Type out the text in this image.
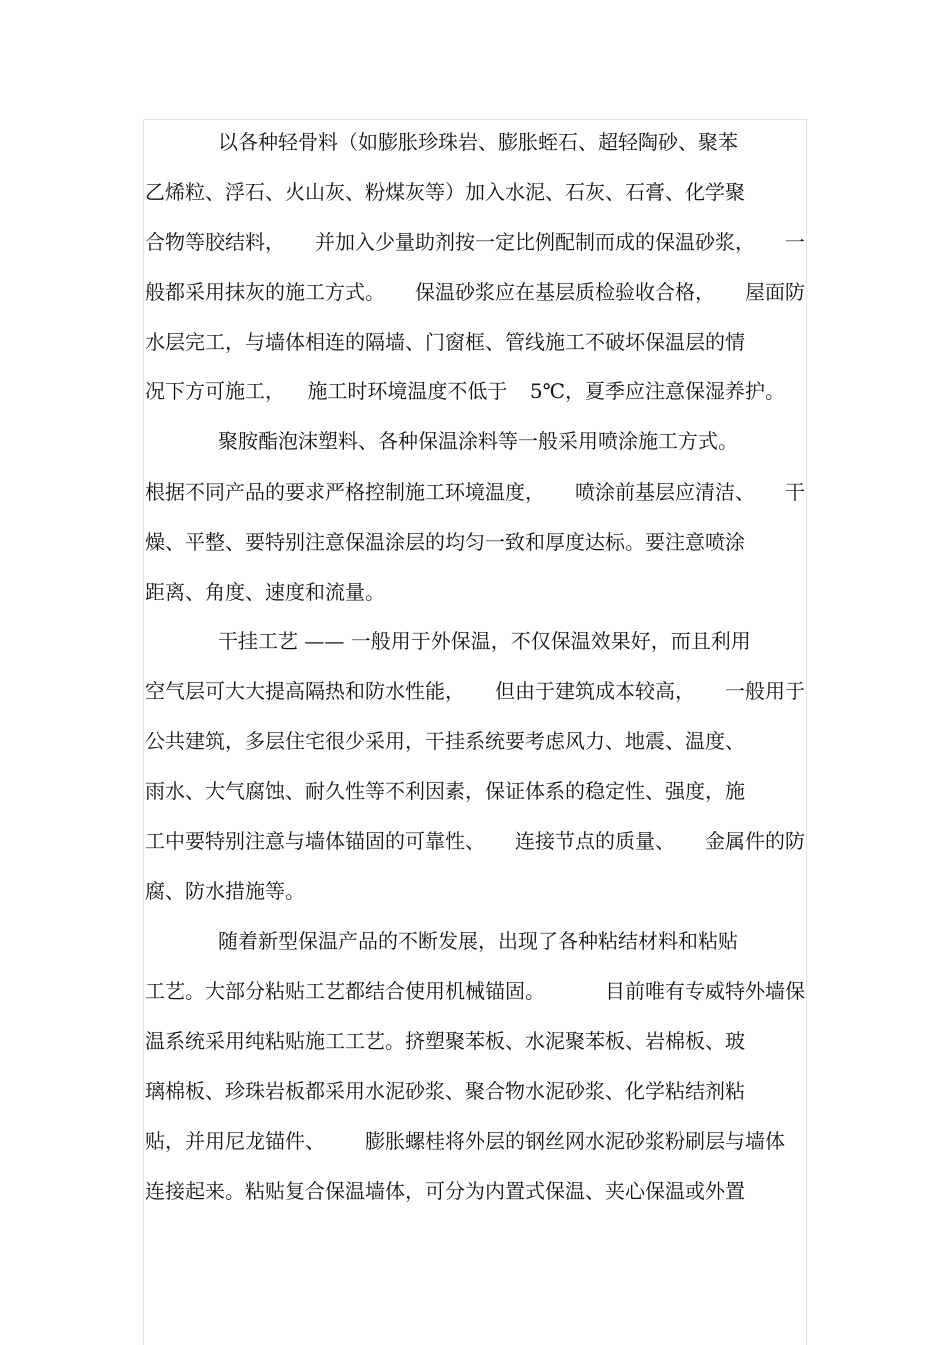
以各种轻骨料（如膨胀珍珠岩、膨胀蛭石、超轻陶砂、聚苯
乙烯粒、浮石、火山灰、粉煤灰等）加入水泥、石灰、石膏、化学聚
合物等胶结料， 并加入少量助剂按一定比例配制而成的保温砂浆， 一
般都采用抹灰的施工方式。 保温砂浆应在基层质检验收合格， 屋面防
水层完工，与墙体相连的隔墙、门窗框、管线施工不破坏保温层的情
况下方可施工， 施工时环境温度不低于 5℃，夏季应注意保湿养护。
聚胺酯泡沫塑料、各种保温涂料等一般采用喷涂施工方式。
根据不同产品的要求严格控制施工环境温度， 喷涂前基层应清洁、 干
燥、平整、要特别注意保温涂层的均匀一致和厚度达标。要注意喷涂
距离、角度、速度和流量。
干挂工艺 —— 一般用于外保温，不仅保温效果好，而且利用
空气层可大大提高隔热和防水性能， 但由于建筑成本较高， 一般用于
公共建筑，多层住宅很少采用，干挂系统要考虑风力、地震、温度、
雨水、大气腐蚀、耐久性等不利因素，保证体系的稳定性、强度，施
工中要特别注意与墙体锚固的可靠性、 连接节点的质量、 金属件的防
腐、防水措施等。
随着新型保温产品的不断发展，出现了各种粘结材料和粘贴
工艺。大部分粘贴工艺都结合使用机械锚固。	目前唯有专威特外墙保
温系统采用纯粘贴施工工艺。挤塑聚苯板、水泥聚苯板、岩棉板、玻
璃棉板、珍珠岩板都采用水泥砂浆、聚合物水泥砂浆、化学粘结剂粘
贴，并用尼龙锚件、 膨胀螺桂将外层的钢丝网水泥砂浆粉刷层与墙体
连接起来。粘贴复合保温墙体，可分为内置式保温、夹心保温或外置
